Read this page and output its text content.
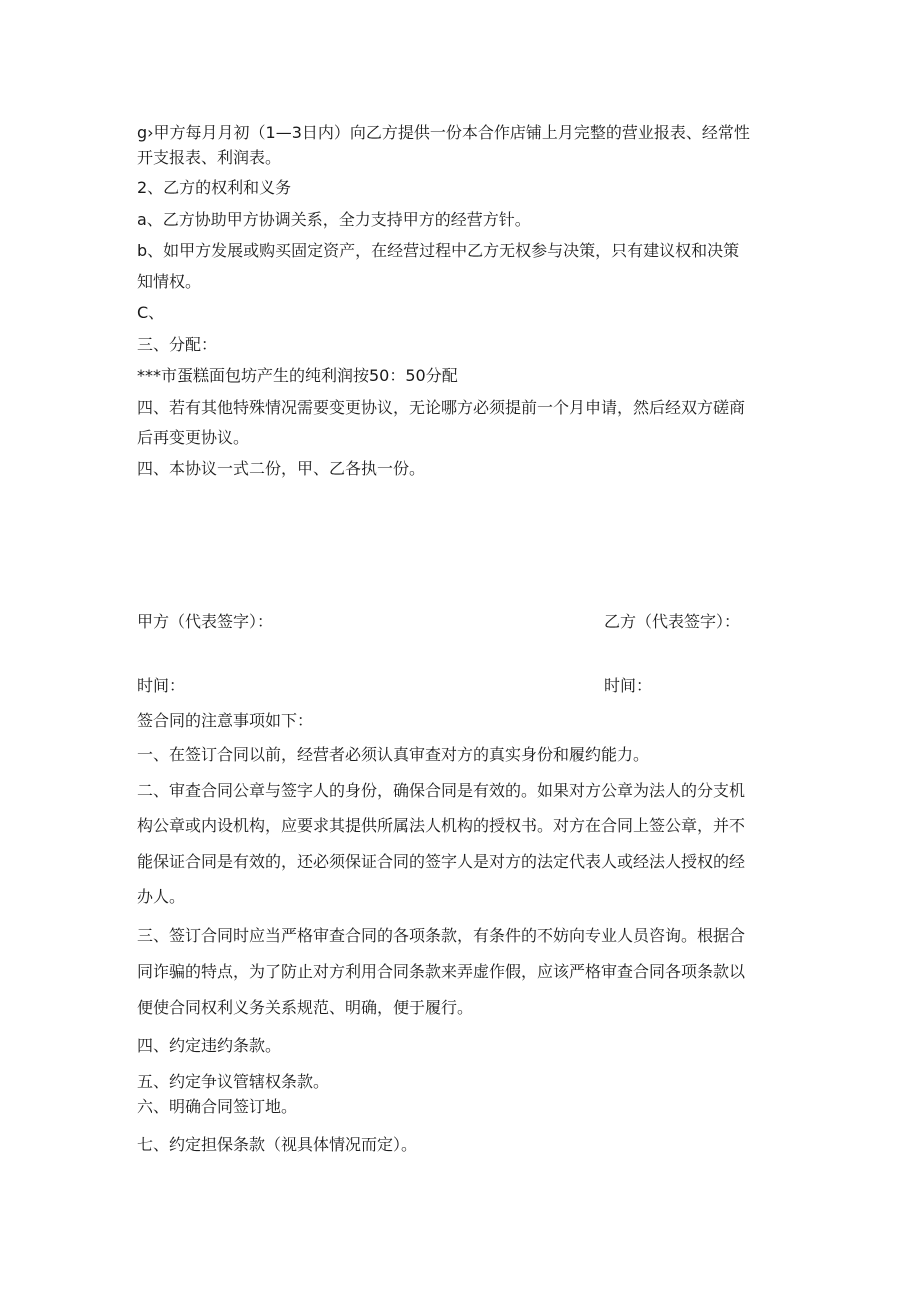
g›甲方每月月初（1—3日内）向乙方提供一份本合作店铺上月完整的营业报表、经常性

开支报表、利润表。

2、乙方的权利和义务

a、乙方协助甲方协调关系，全力支持甲方的经营方针。

b、如甲方发展或购买固定资产，在经营过程中乙方无权参与决策，只有建议权和决策

知情权。

C、

三、分配：

***市蛋糕面包坊产生的纯利润按50：50分配

四、若有其他特殊情况需要变更协议，无论哪方必须提前一个月申请，然后经双方磋商

后再变更协议。

四、本协议一式二份，甲、乙各执一份。

甲方（代表签字）：	乙方（代表签字）：

时间：	时间：

签合同的注意事项如下：

一、在签订合同以前，经营者必须认真审查对方的真实身份和履约能力。

二、审查合同公章与签字人的身份，确保合同是有效的。如果对方公章为法人的分支机

构公章或内设机构，应要求其提供所属法人机构的授权书。对方在合同上签公章，并不

能保证合同是有效的，还必须保证合同的签字人是对方的法定代表人或经法人授权的经

办人。

三、签订合同时应当严格审查合同的各项条款，有条件的不妨向专业人员咨询。根据合

同诈骗的特点，为了防止对方利用合同条款来弄虚作假，应该严格审查合同各项条款以

便使合同权利义务关系规范、明确，便于履行。

四、约定违约条款。

五、约定争议管辖权条款。

六、明确合同签订地。

七、约定担保条款（视具体情况而定）。
